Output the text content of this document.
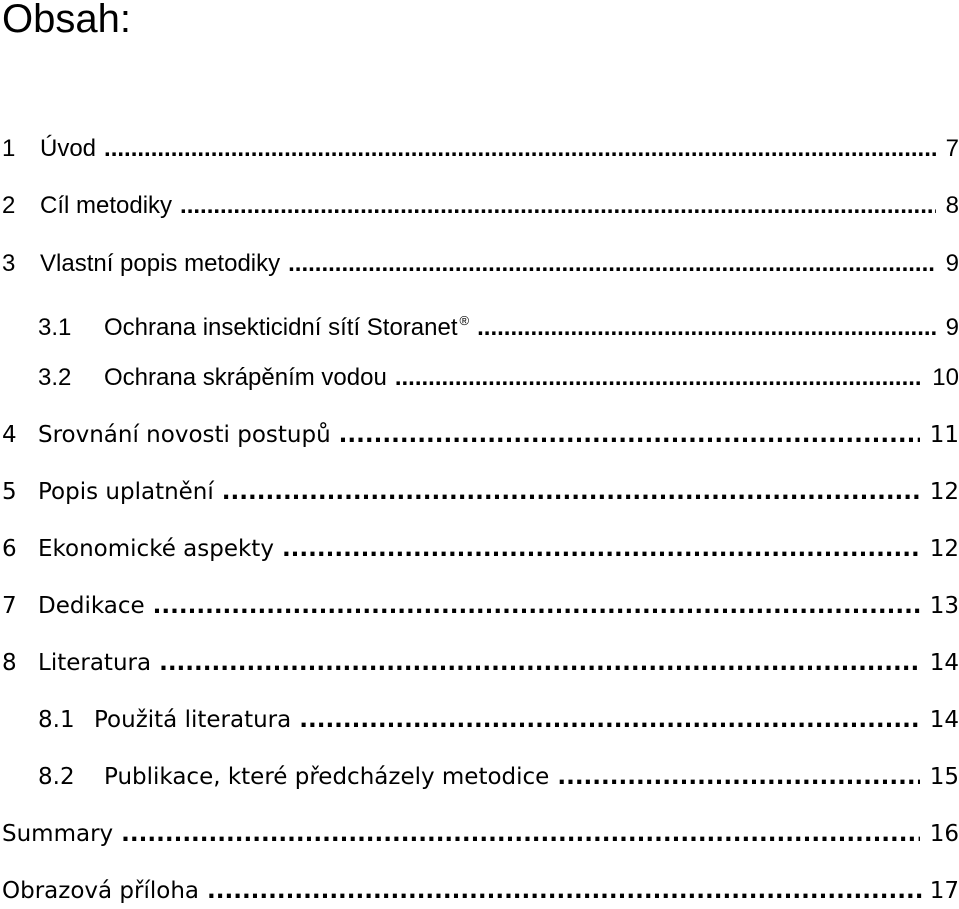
Obsah:
1 Úvod .....	7
2 Cíl metodiky .....	8
3 Vlastní popis metodiky .....	9
3.1 Ochrana insekticidní sítí Storanet ® .....	9
3.2 Ochrana skrápěním vodou .....	10
4 Srovnání novosti postupů .....	11
5 Popis uplatnění .....	12
6 Ekonomické aspekty .....	12
7 Dedikace .....	13
8 Literatura .....	14
8.1 Použitá literatura .....	14
8.2 Publikace, které předcházely metodice .....	15
Summary .....	16
Obrazová příloha .....	17
